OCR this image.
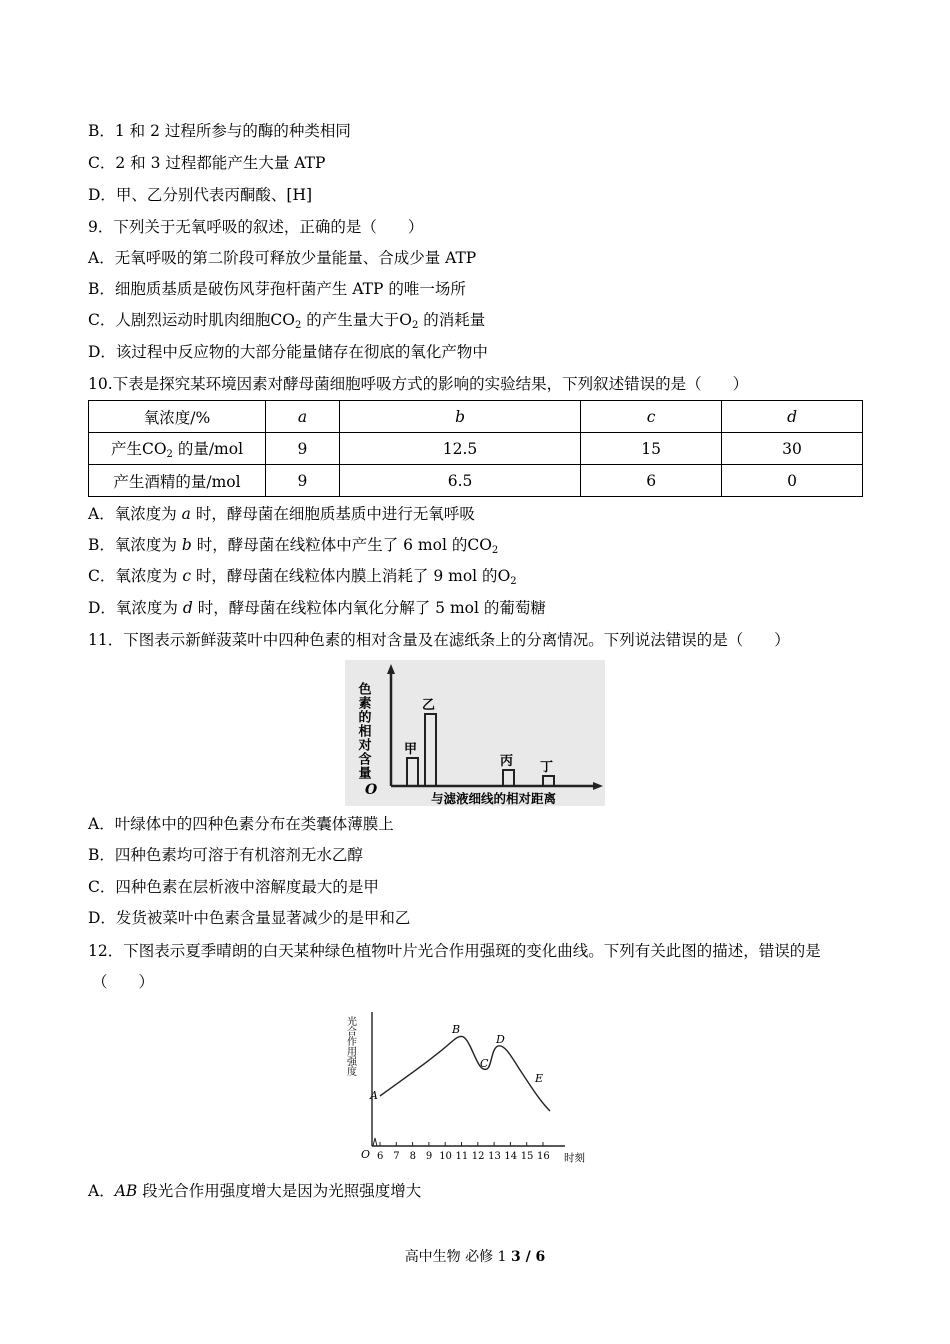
B．1 和 2 过程所参与的酶的种类相同
C．2 和 3 过程都能产生大量 ATP
D．甲、乙分别代表丙酮酸、[H]
9．下列关于无氧呼吸的叙述，正确的是（　　）
A．无氧呼吸的第二阶段可释放少量能量、合成少量 ATP
B．细胞质基质是破伤风芽孢杆菌产生 ATP 的唯一场所
C．人剧烈运动时肌肉细胞$CO_2$ 的产生量大于$O_2$ 的消耗量
D．该过程中反应物的大部分能量储存在彻底的氧化产物中
10.下表是探究某环境因素对酵母菌细胞呼吸方式的影响的实验结果，下列叙述错误的是（　　）
氧浓度/%	a	b	c	d
产生$CO_2$ 的量/mol	9	12.5	15	30
产生酒精的量/mol	9	6.5	6	0
A．氧浓度为 a 时，酵母菌在细胞质基质中进行无氧呼吸
B．氧浓度为 b 时，酵母菌在线粒体中产生了 6 mol 的$CO_2$
C．氧浓度为 c 时，酵母菌在线粒体内膜上消耗了 9 mol 的$O_2$
D．氧浓度为 d 时，酵母菌在线粒体内氧化分解了 5 mol 的葡萄糖
11．下图表示新鲜菠菜叶中四种色素的相对含量及在滤纸条上的分离情况。下列说法错误的是（　　）
色素的相对含量
O
与滤液细线的相对距离
甲
乙
丙 丁
A．叶绿体中的四种色素分布在类囊体薄膜上
B．四种色素均可溶于有机溶剂无水乙醇
C．四种色素在层析液中溶解度最大的是甲
D．发货被菜叶中色素含量显著减少的是甲和乙
12．下图表示夏季晴朗的白天某种绿色植物叶片光合作用强斑的变化曲线。下列有关此图的描述，错误的是
（　　）
光合作用强度
O	时刻
6 7 8 9 10 11 12 13 14 15 16
A
B
C
D
E
A．AB 段光合作用强度增大是因为光照强度增大
高中生物 必修 1 3 / 6
